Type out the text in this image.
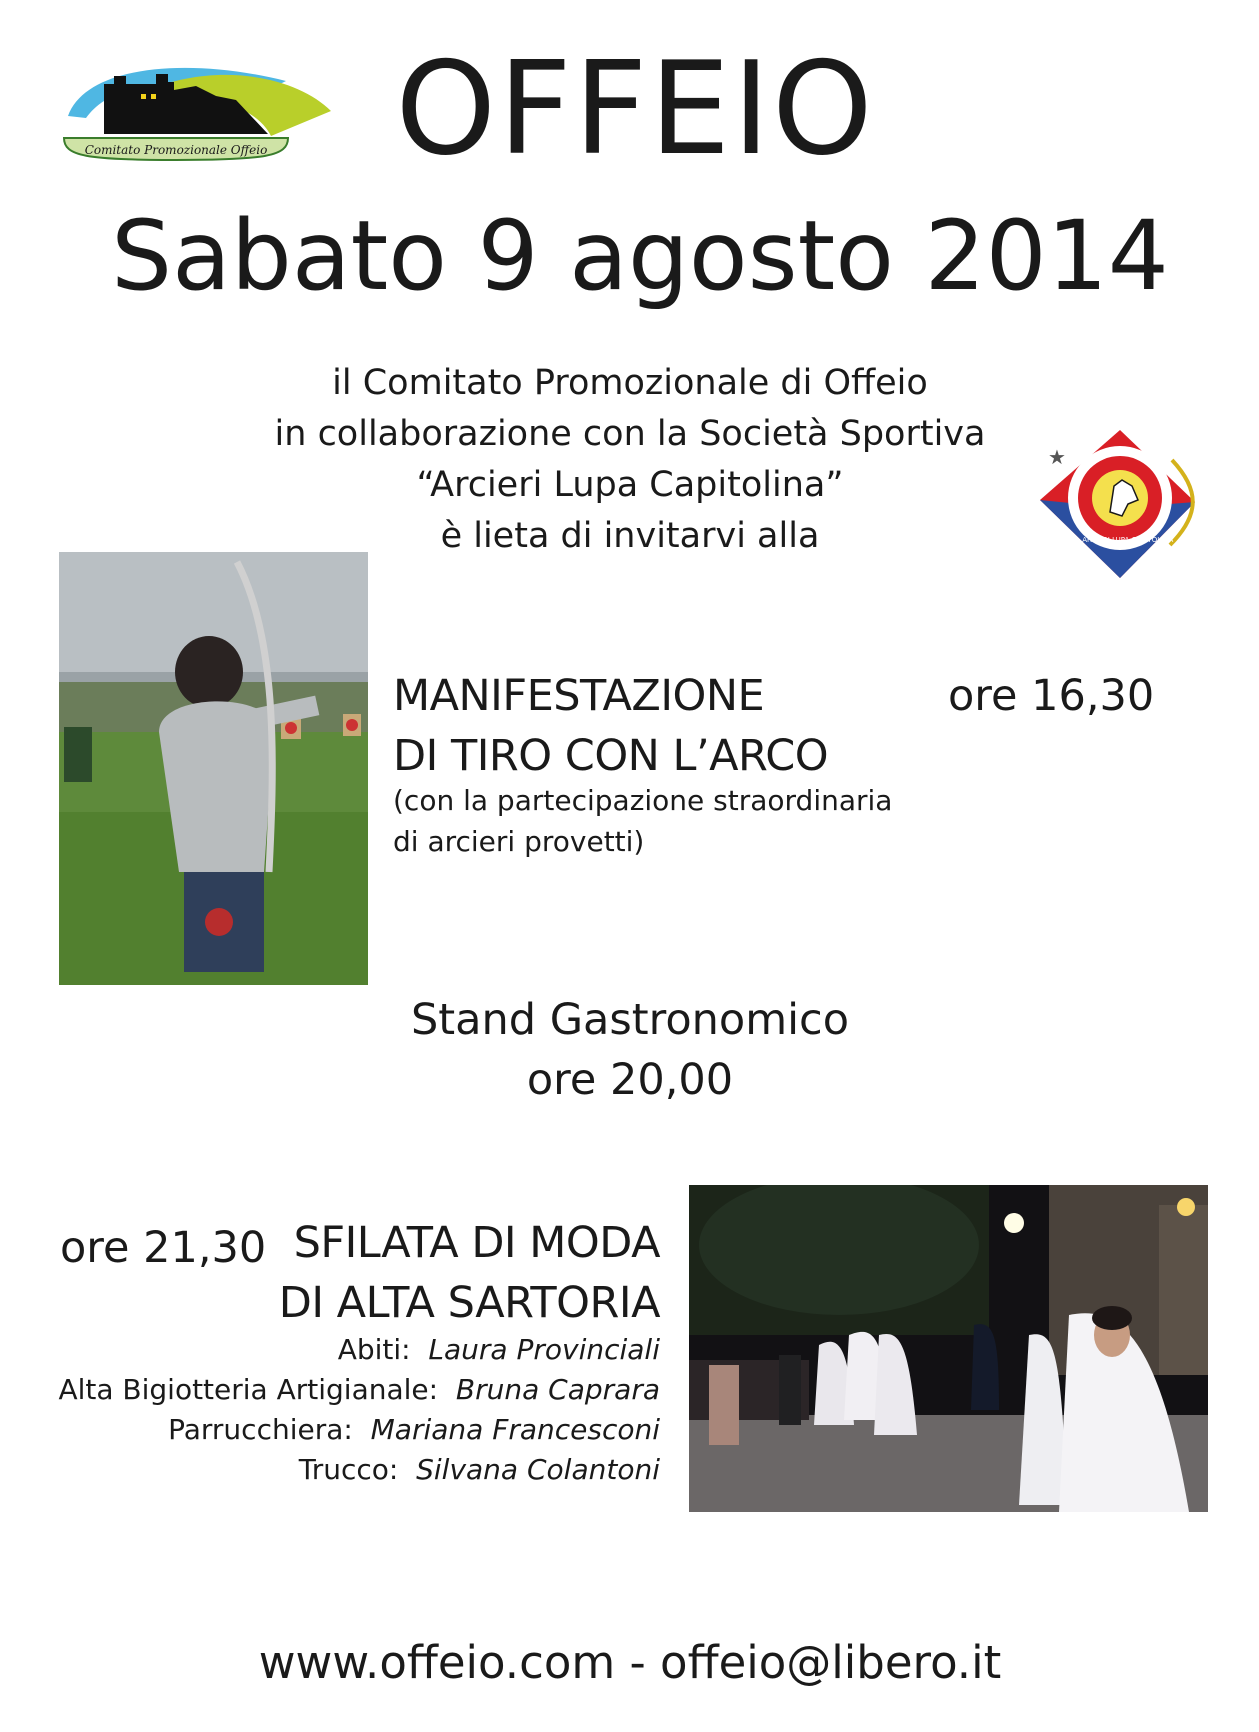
Comitato Promozionale Offeio OFFEIO
Sabato 9 agosto 2014
il Comitato Promozionale di Offeio
in collaborazione con la Società Sportiva
“Arcieri Lupa Capitolina”
è lieta di invitarvi alla
★
S.S. ARCIERI LUPA CAPITOLINA
MANIFESTAZIONE
DI TIRO CON L’ARCO
ore 16,30
(con la partecipazione straordinaria
di arcieri provetti)
Stand Gastronomico
ore 20,00
ore 21,30 SFILATA DI MODA
DI ALTA SARTORIA
Abiti: Laura Provinciali
Alta Bigiotteria Artigianale: Bruna Caprara
Parrucchiera: Mariana Francesconi
Trucco: Silvana Colantoni
www.offeio.com - offeio@libero.it
